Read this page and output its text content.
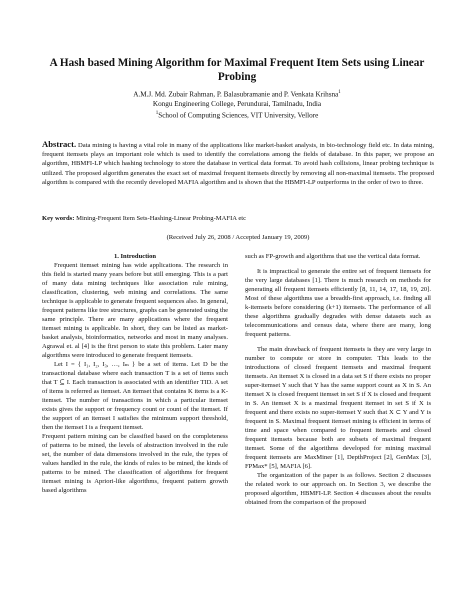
A Hash based Mining Algorithm for Maximal Frequent Item Sets using Linear Probing
A.M.J. Md. Zubair Rahman, P. Balasubramanie and P. Venkata Krihsna$^1$
Kongu Engineering College, Perundurai, Tamilnadu, India
$^1$School of Computing Sciences, VIT University, Vellore
Abstract. Data mining is having a vital role in many of the applications like market-basket analysis, in bio-technology field etc. In data mining, frequent itemsets plays an important role which is used to identify the correlations among the fields of database. In this paper, we propose an algorithm, HBMFI-LP which hashing technology to store the database in vertical data format. To avoid hash collisions, linear probing technique is utilized. The proposed algorithm generates the exact set of maximal frequent itemsets directly by removing all non-maximal itemsets. The proposed algorithm is compared with the recently developed MAFIA algorithm and is shown that the HBMFI-LP outperforms in the order of two to three.
Key words: Mining-Frequent Item Sets-Hashing-Linear Probing-MAFIA etc
(Received July 26, 2008 / Accepted January 19, 2009)

1. Introduction

Frequent itemset mining has wide applications. The research in this field is started many years before but still emerging. This is a part of many data mining techniques like association rule mining, classification, clustering, web mining and correlations. The same technique is applicable to generate frequent sequences also. In general, frequent patterns like tree structures, graphs can be generated using the same principle. There are many applications where the frequent itemset mining is applicable. In short, they can be listed as market-basket analysis, bioinformatics, networks and most in many analyses. Agrawal et. al [4] is the first person to state this problem. Later many algorithms were introduced to generate frequent itemsets.

Let I = { I₁, I₂, I₃, …, Iₘ } be a set of items. Let D be the transactional database where each transaction T is a set of items such that T ⊆ I. Each transaction is associated with an identifier TID. A set of items is referred as itemset. An itemset that contains K items is a K-itemset. The number of transactions in which a particular itemset exists gives the support or frequency count or count of the itemset. If the support of an itemset I satisfies the minimum support threshold, then the itemset I is a frequent itemset.

Frequent pattern mining can be classified based on the completeness of patterns to be mined, the levels of abstraction involved in the rule set, the number of data dimensions involved in the rule, the types of values handled in the rule, the kinds of rules to be mined, the kinds of patterns to be mined. The classification of algorithms for frequent itemset mining is Apriori-like algorithms, frequent pattern growth based algorithms

such as FP-growth and algorithms that use the vertical data format.

It is impractical to generate the entire set of frequent itemsets for the very large databases [1]. There is much research on methods for generating all frequent itemsets efficiently [8, 11, 14, 17, 18, 19, 20]. Most of these algorithms use a breadth-first approach, i.e. finding all k-itemsets before considering (k+1) itemsets. The performance of all these algorithms gradually degrades with dense datasets such as telecommunications and census data, where there are many, long frequent patterns.

The main drawback of frequent itemsets is they are very large in number to compute or store in computer. This leads to the introductions of closed frequent itemsets and maximal frequent itemsets. An itemset X is closed in a data set S if there exists no proper super-itemset Y such that Y has the same support count as X in S. An itemset X is closed frequent itemset in set S if X is closed and frequent in S. An itemset X is a maximal frequent itemset in set S if X is frequent and there exists no super-itemset Y such that X ⊂ Y and Y is frequent in S. Maximal frequent itemset mining is efficient in terms of time and space when compared to frequent itemsets and closed frequent itemsets because both are subsets of maximal frequent itemset. Some of the algorithms developed for mining maximal frequent itemsets are MaxMiner [1], DepthProject [2], GenMax [3], FPMax* [5], MAFIA [6].

The organization of the paper is as follows. Section 2 discusses the related work to our approach on. In Section 3, we describe the proposed algorithm, HBMFI-LP. Section 4 discusses about the results obtained from the comparison of the proposed
